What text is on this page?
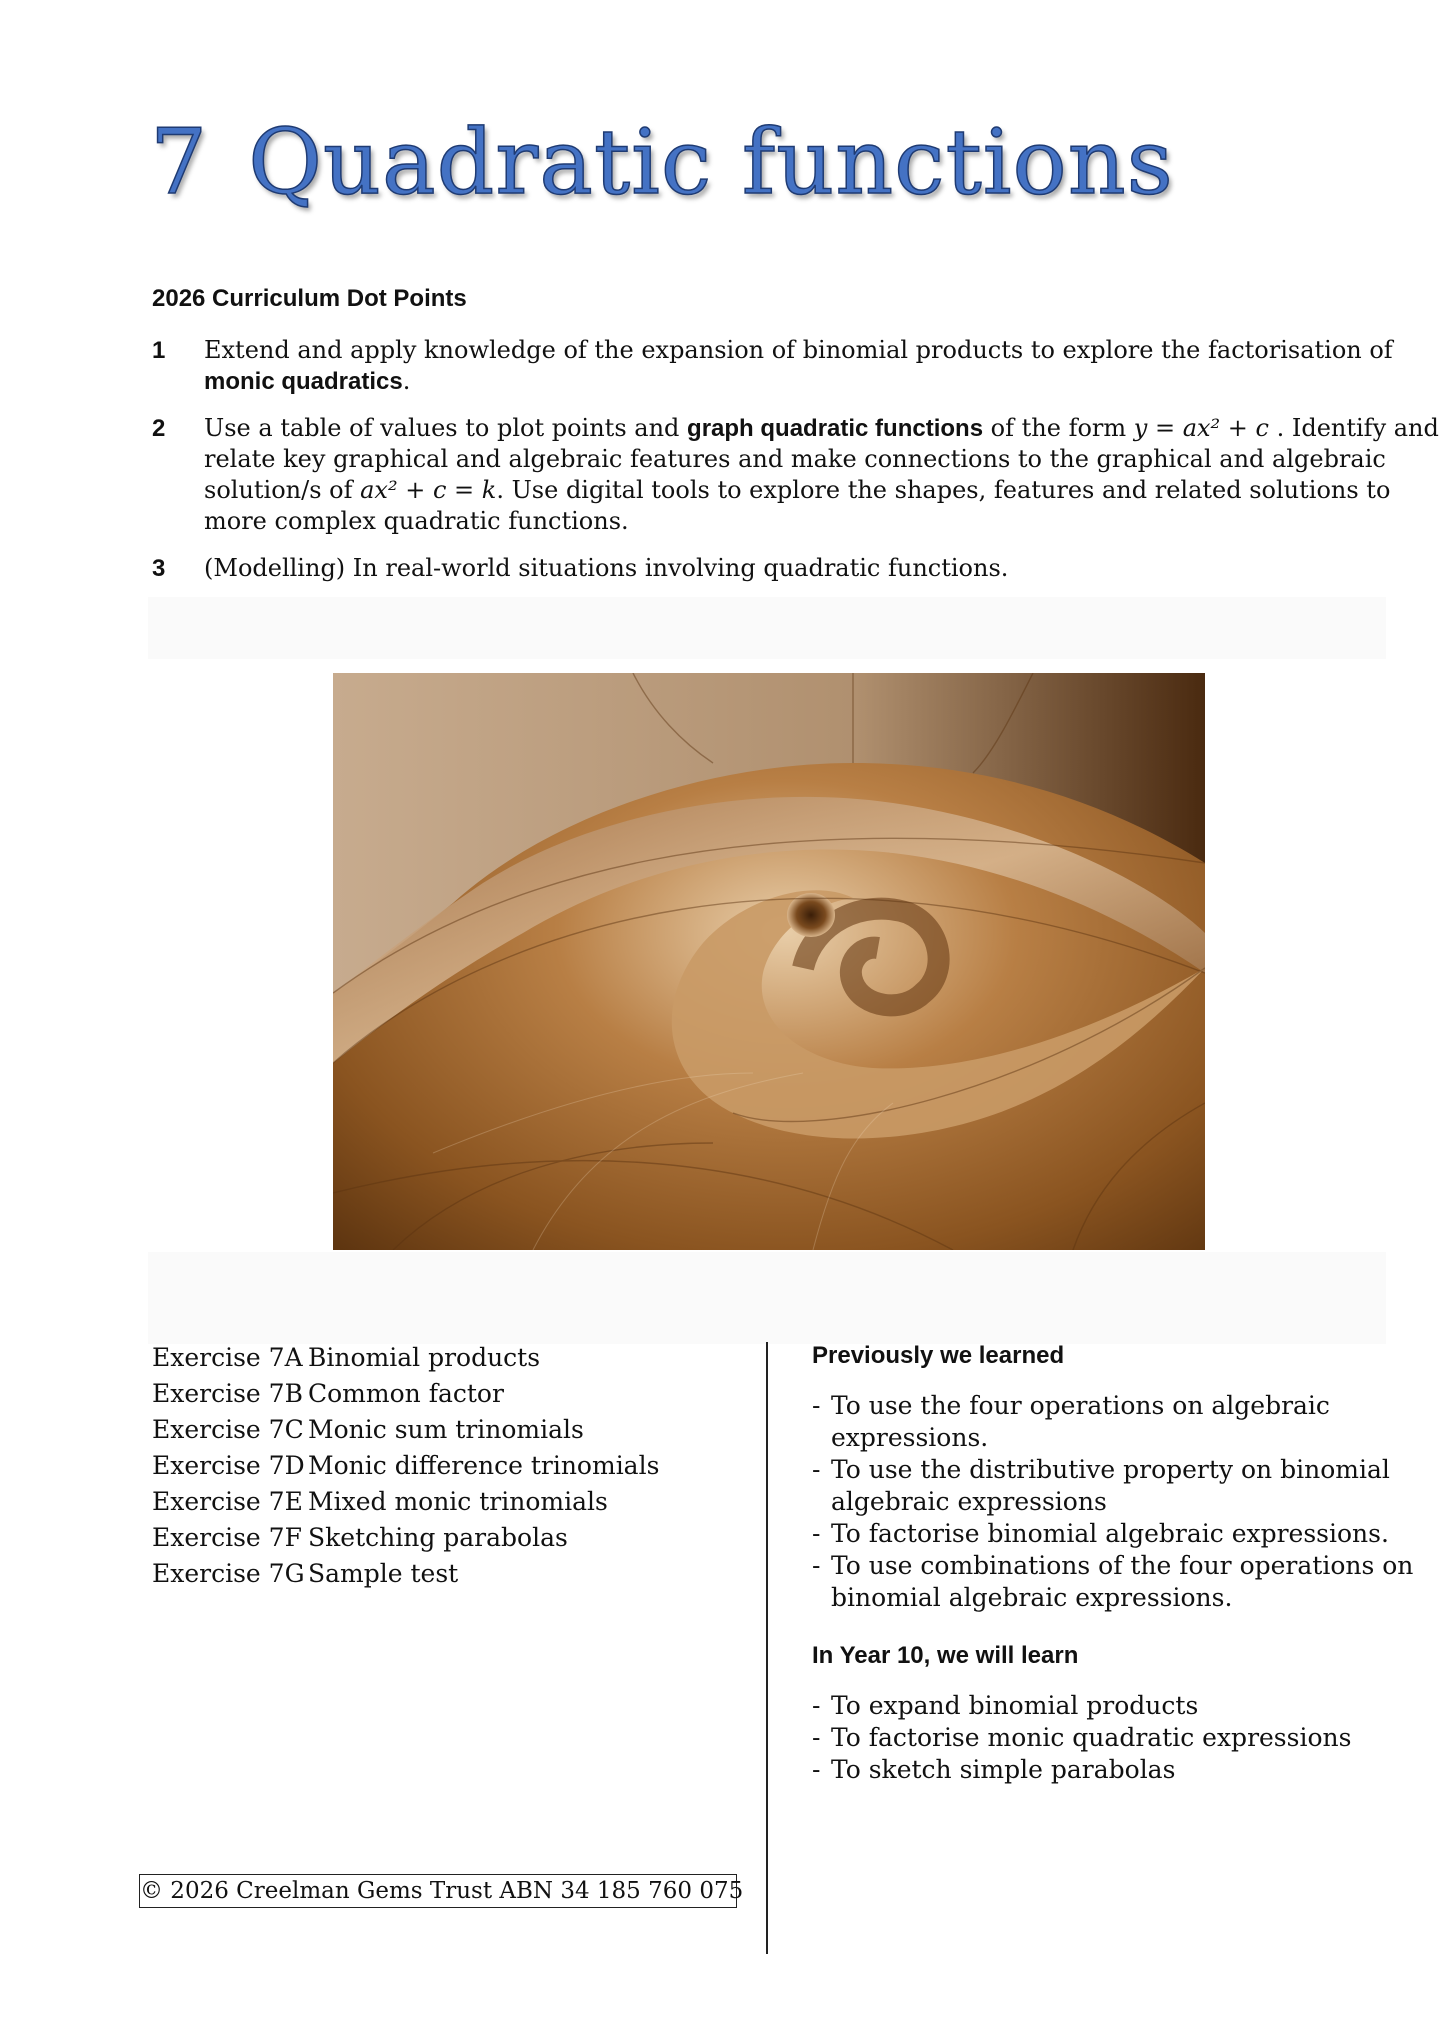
7 Quadratic functions
2026 Curriculum Dot Points
1 Extend and apply knowledge of the expansion of binomial products to explore the factorisation of
monic quadratics.
2 Use a table of values to plot points and graph quadratic functions of the form y = ax² + c . Identify and
relate key graphical and algebraic features and make connections to the graphical and algebraic
solution/s of ax² + c = k. Use digital tools to explore the shapes, features and related solutions to
more complex quadratic functions.
3 (Modelling) In real-world situations involving quadratic functions.
Exercise 7A Binomial products
Exercise 7B Common factor
Exercise 7C Monic sum trinomials
Exercise 7D Monic difference trinomials
Exercise 7E Mixed monic trinomials
Exercise 7F Sketching parabolas
Exercise 7G Sample test
Previously we learned
- To use the four operations on algebraic
expressions.
- To use the distributive property on binomial
algebraic expressions
- To factorise binomial algebraic expressions.
- To use combinations of the four operations on
binomial algebraic expressions.
In Year 10, we will learn
- To expand binomial products
- To factorise monic quadratic expressions
- To sketch simple parabolas
© 2026 Creelman Gems Trust ABN 34 185 760 075
